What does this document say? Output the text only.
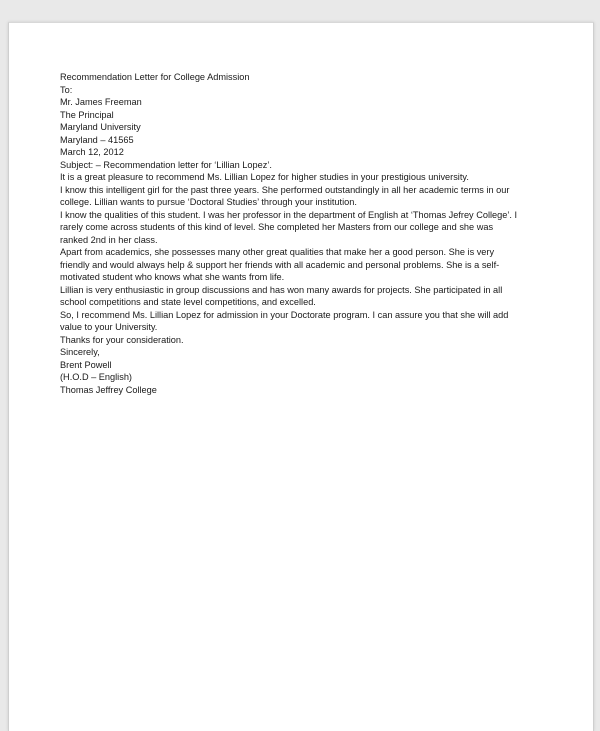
Recommendation Letter for College Admission

To:

Mr. James Freeman

The Principal

Maryland University

Maryland – 41565

March 12, 2012

Subject: – Recommendation letter for ‘Lillian Lopez’.

It is a great pleasure to recommend Ms. Lillian Lopez for higher studies in your prestigious university.

I know this intelligent girl for the past three years. She performed outstandingly in all her academic terms in our college. Lillian wants to pursue ‘Doctoral Studies’ through your institution.

I know the qualities of this student. I was her professor in the department of English at ‘Thomas Jefrey College’. I rarely come across students of this kind of level. She completed her Masters from our college and she was ranked 2nd in her class.

Apart from academics, she possesses many other great qualities that make her a good person. She is very friendly and would always help & support her friends with all academic and personal problems. She is a self-motivated student who knows what she wants from life.

Lillian is very enthusiastic in group discussions and has won many awards for projects. She participated in all school competitions and state level competitions, and excelled.

So, I recommend Ms. Lillian Lopez for admission in your Doctorate program. I can assure you that she will add value to your University.

Thanks for your consideration.

Sincerely,

Brent Powell

(H.O.D – English)

Thomas Jeffrey College
